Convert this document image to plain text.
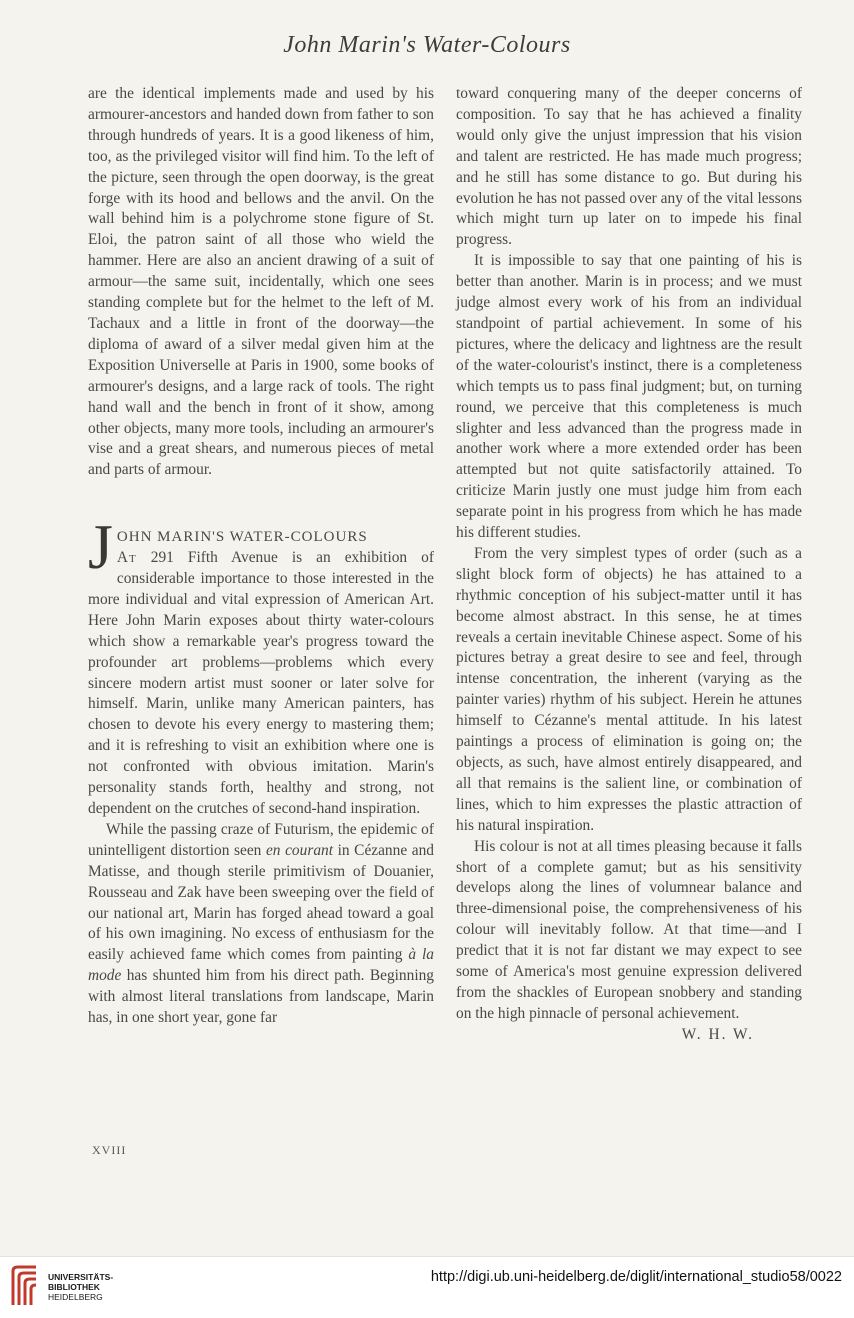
John Marin's Water-Colours

are the identical implements made and used by his armourer-ancestors and handed down from father to son through hundreds of years. It is a good likeness of him, too, as the privileged visitor will find him. To the left of the picture, seen through the open doorway, is the great forge with its hood and bellows and the anvil. On the wall behind him is a polychrome stone figure of St. Eloi, the patron saint of all those who wield the hammer. Here are also an ancient drawing of a suit of armour—the same suit, incidentally, which one sees standing complete but for the helmet to the left of M. Tachaux and a little in front of the doorway—the diploma of award of a silver medal given him at the Exposition Universelle at Paris in 1900, some books of armourer's designs, and a large rack of tools. The right hand wall and the bench in front of it show, among other objects, many more tools, including an armourer's vise and a great shears, and numerous pieces of metal and parts of armour.

J OHN MARIN'S WATER-COLOURS

At 291 Fifth Avenue is an exhibition of considerable importance to those interested in the more individual and vital expression of American Art. Here John Marin exposes about thirty water-colours which show a remarkable year's progress toward the profounder art problems—problems which every sincere modern artist must sooner or later solve for himself. Marin, unlike many American painters, has chosen to devote his every energy to mastering them; and it is refreshing to visit an exhibition where one is not confronted with obvious imitation. Marin's personality stands forth, healthy and strong, not dependent on the crutches of second-hand inspiration.

While the passing craze of Futurism, the epidemic of unintelligent distortion seen en courant in Cézanne and Matisse, and though sterile primitivism of Douanier, Rousseau and Zak have been sweeping over the field of our national art, Marin has forged ahead toward a goal of his own imagining. No excess of enthusiasm for the easily achieved fame which comes from painting à la mode has shunted him from his direct path. Beginning with almost literal translations from landscape, Marin has, in one short year, gone far

toward conquering many of the deeper concerns of composition. To say that he has achieved a finality would only give the unjust impression that his vision and talent are restricted. He has made much progress; and he still has some distance to go. But during his evolution he has not passed over any of the vital lessons which might turn up later on to impede his final progress.

It is impossible to say that one painting of his is better than another. Marin is in process; and we must judge almost every work of his from an individual standpoint of partial achievement. In some of his pictures, where the delicacy and lightness are the result of the water-colourist's instinct, there is a completeness which tempts us to pass final judgment; but, on turning round, we perceive that this completeness is much slighter and less advanced than the progress made in another work where a more extended order has been attempted but not quite satisfactorily attained. To criticize Marin justly one must judge him from each separate point in his progress from which he has made his different studies.

From the very simplest types of order (such as a slight block form of objects) he has attained to a rhythmic conception of his subject-matter until it has become almost abstract. In this sense, he at times reveals a certain inevitable Chinese aspect. Some of his pictures betray a great desire to see and feel, through intense concentration, the inherent (varying as the painter varies) rhythm of his subject. Herein he attunes himself to Cézanne's mental attitude. In his latest paintings a process of elimination is going on; the objects, as such, have almost entirely disappeared, and all that remains is the salient line, or combination of lines, which to him expresses the plastic attraction of his natural inspiration.

His colour is not at all times pleasing because it falls short of a complete gamut; but as his sensitivity develops along the lines of volumnear balance and three-dimensional poise, the comprehensiveness of his colour will inevitably follow. At that time—and I predict that it is not far distant we may expect to see some of America's most genuine expression delivered from the shackles of European snobbery and standing on the high pinnacle of personal achievement.

W. H. W.

XVIII
UNIVERSITÄTS-
BIBLIOTHEK
HEIDELBERG
http://digi.ub.uni-heidelberg.de/diglit/international_studio58/0022
